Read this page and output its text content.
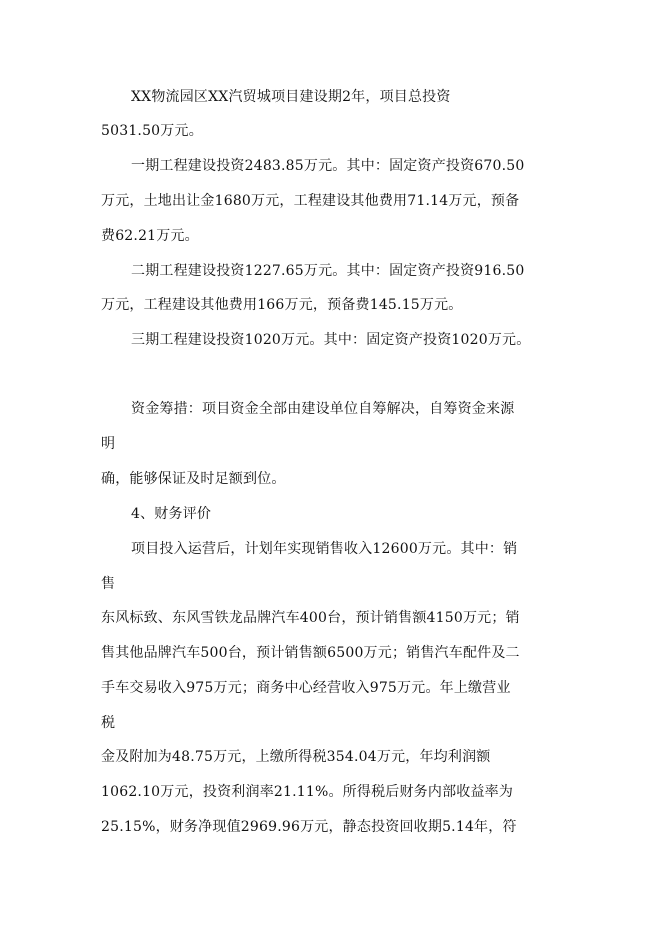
XX物流园区XX汽贸城项目建设期2年，项目总投资
5031.50万元。
一期工程建设投资2483.85万元。其中：固定资产投资670.50
万元，土地出让金1680万元，工程建设其他费用71.14万元，预备
费62.21万元。
二期工程建设投资1227.65万元。其中：固定资产投资916.50
万元，工程建设其他费用166万元，预备费145.15万元。
三期工程建设投资1020万元。其中：固定资产投资1020万元。
资金筹措：项目资金全部由建设单位自筹解决，自筹资金来源
明
确，能够保证及时足额到位。
4、财务评价
项目投入运营后，计划年实现销售收入12600万元。其中：销
售
东风标致、东风雪铁龙品牌汽车400台，预计销售额4150万元；销
售其他品牌汽车500台，预计销售额6500万元；销售汽车配件及二
手车交易收入975万元；商务中心经营收入975万元。年上缴营业
税
金及附加为48.75万元，上缴所得税354.04万元，年均利润额
1062.10万元，投资利润率21.11%。所得税后财务内部收益率为
25.15%，财务净现值2969.96万元，静态投资回收期5.14年，符
